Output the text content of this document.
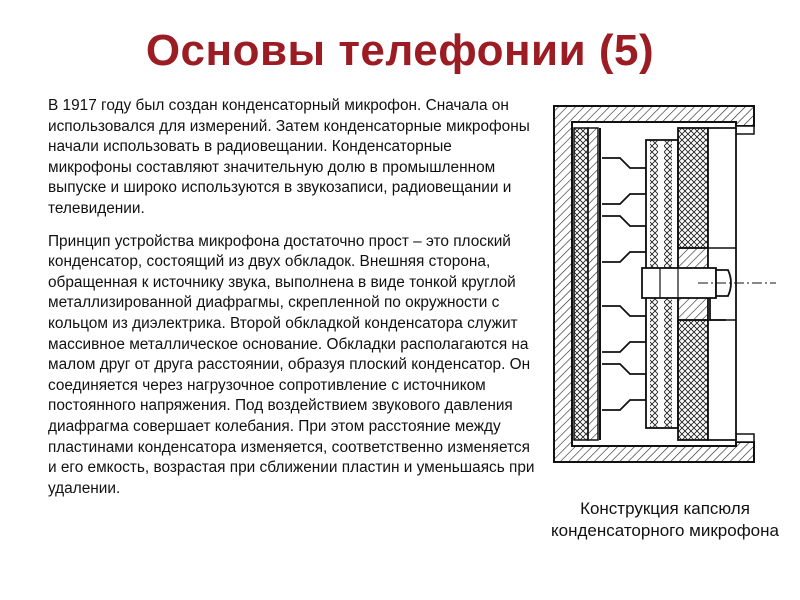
Основы телефонии (5)

В 1917 году был создан конденсаторный микрофон. Сначала он использовался для измерений. Затем конденсаторные микрофоны начали использовать в радиовещании. Конденсаторные микрофоны составляют значительную долю в промышленном выпуске и широко используются в звукозаписи, радиовещании и телевидении.

Принцип устройства микрофона достаточно прост – это плоский конденсатор, состоящий из двух обкладок. Внешняя сторона, обращенная к источнику звука, выполнена в виде тонкой круглой металлизированной диафрагмы, скрепленной по окружности с кольцом из диэлектрика. Второй обкладкой конденсатора служит массивное металлическое основание. Обкладки располагаются на малом друг от друга расстоянии, образуя плоский конденсатор. Он соединяется через нагрузочное сопротивление с источником постоянного напряжения. Под воздействием звукового давления диафрагма совершает колебания. При этом расстояние между пластинами конденсатора изменяется, соответственно изменяется и его емкость, возрастая при сближении пластин и уменьшаясь при удалении.

Конструкция капсюля конденсаторного микрофона
